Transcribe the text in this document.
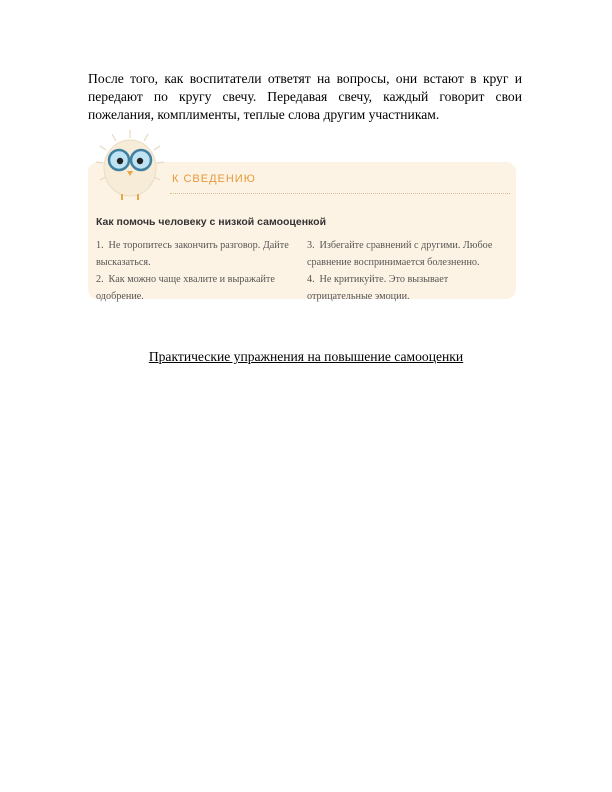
После того, как воспитатели ответят на вопросы, они встают в круг и передают по кругу свечу. Передавая свечу, каждый говорит свои пожелания, комплименты, теплые слова другим участникам.
К СВЕДЕНИЮ
Как помочь человеку с низкой самооценкой
1. Не торопитесь закончить разговор. Дайте высказаться.
2. Как можно чаще хвалите и выражайте одобрение.
3. Избегайте сравнений с другими. Любое сравнение воспринимается болезненно.
4. Не критикуйте. Это вызывает отрицательные эмоции.
Практические упражнения на повышение самооценки
